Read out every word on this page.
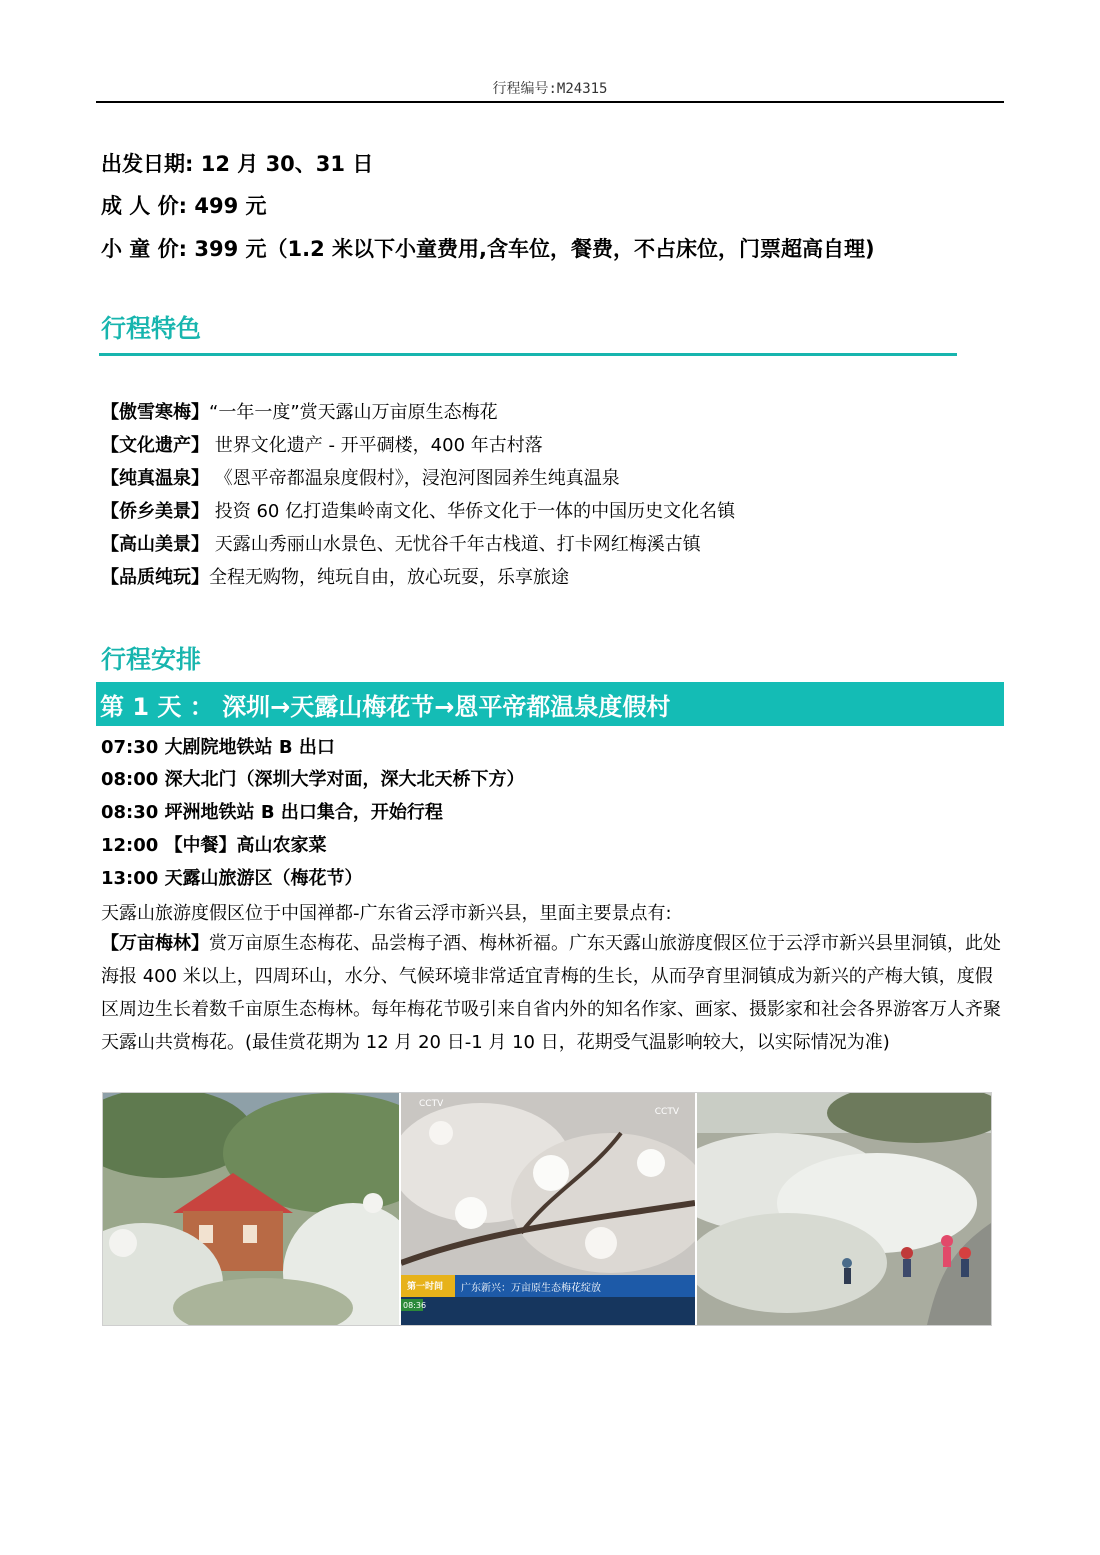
行程编号:M24315
出发日期: 12 月 30、31 日
成 人 价: 499 元
小 童 价: 399 元（1.2 米以下小童费用,含车位，餐费，不占床位，门票超高自理)
行程特色
【傲雪寒梅】“一年一度”赏天露山万亩原生态梅花
【文化遗产】 世界文化遗产 - 开平碉楼，400 年古村落
【纯真温泉】 《恩平帝都温泉度假村》，浸泡河图园养生纯真温泉
【侨乡美景】 投资 60 亿打造集岭南文化、华侨文化于一体的中国历史文化名镇
【高山美景】 天露山秀丽山水景色、无忧谷千年古栈道、打卡网红梅溪古镇
【品质纯玩】全程无购物，纯玩自由，放心玩耍，乐享旅途
行程安排
第 1 天 ： 深圳→天露山梅花节→恩平帝都温泉度假村
07:30 大剧院地铁站 B 出口
08:00 深大北门（深圳大学对面，深大北天桥下方）
08:30 坪洲地铁站 B 出口集合，开始行程
12:00 【中餐】高山农家菜
13:00 天露山旅游区（梅花节）
天露山旅游度假区位于中国禅都-广东省云浮市新兴县，里面主要景点有:
【万亩梅林】赏万亩原生态梅花、品尝梅子酒、梅林祈福。广东天露山旅游度假区位于云浮市新兴县里洞镇，此处海报 400 米以上，四周环山，水分、气候环境非常适宜青梅的生长，从而孕育里洞镇成为新兴的产梅大镇，度假区周边生长着数千亩原生态梅林。每年梅花节吸引来自省内外的知名作家、画家、摄影家和社会各界游客万人齐聚天露山共赏梅花。(最佳赏花期为 12 月 20 日-1 月 10 日，花期受气温影响较大，以实际情况为准)
CCTV
CCTV
第一时间 广东新兴：万亩原生态梅花绽放
08:36
